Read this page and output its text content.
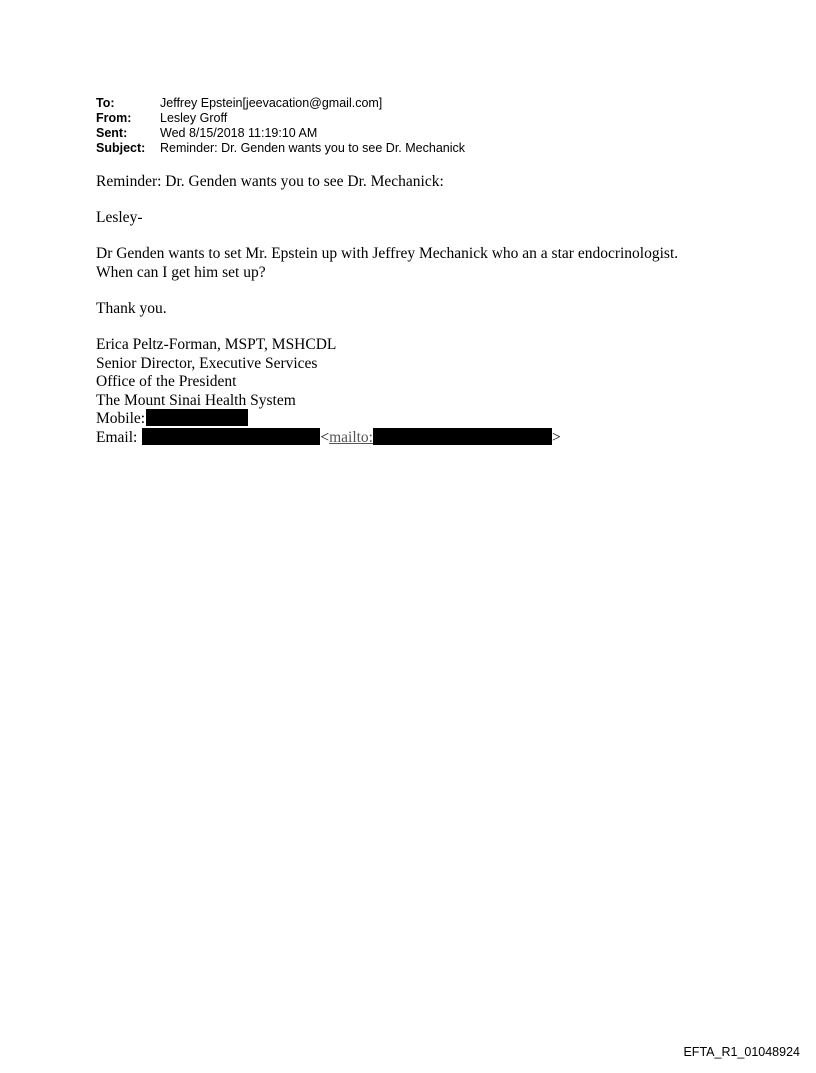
To:	Jeffrey Epstein[jeevacation@gmail.com]
From:	Lesley Groff
Sent:	Wed 8/15/2018 11:19:10 AM
Subject:	Reminder: Dr. Genden wants you to see Dr. Mechanick

Reminder: Dr. Genden wants you to see Dr. Mechanick:

Lesley-

Dr Genden wants to set Mr. Epstein up with Jeffrey Mechanick who an a star endocrinologist.

When can I get him set up?

Thank you.

Erica Peltz-Forman, MSPT, MSHCDL

Senior Director, Executive Services

Office of the President

The Mount Sinai Health System

Mobile:

Email:	<mailto:	>

EFTA_R1_01048924
